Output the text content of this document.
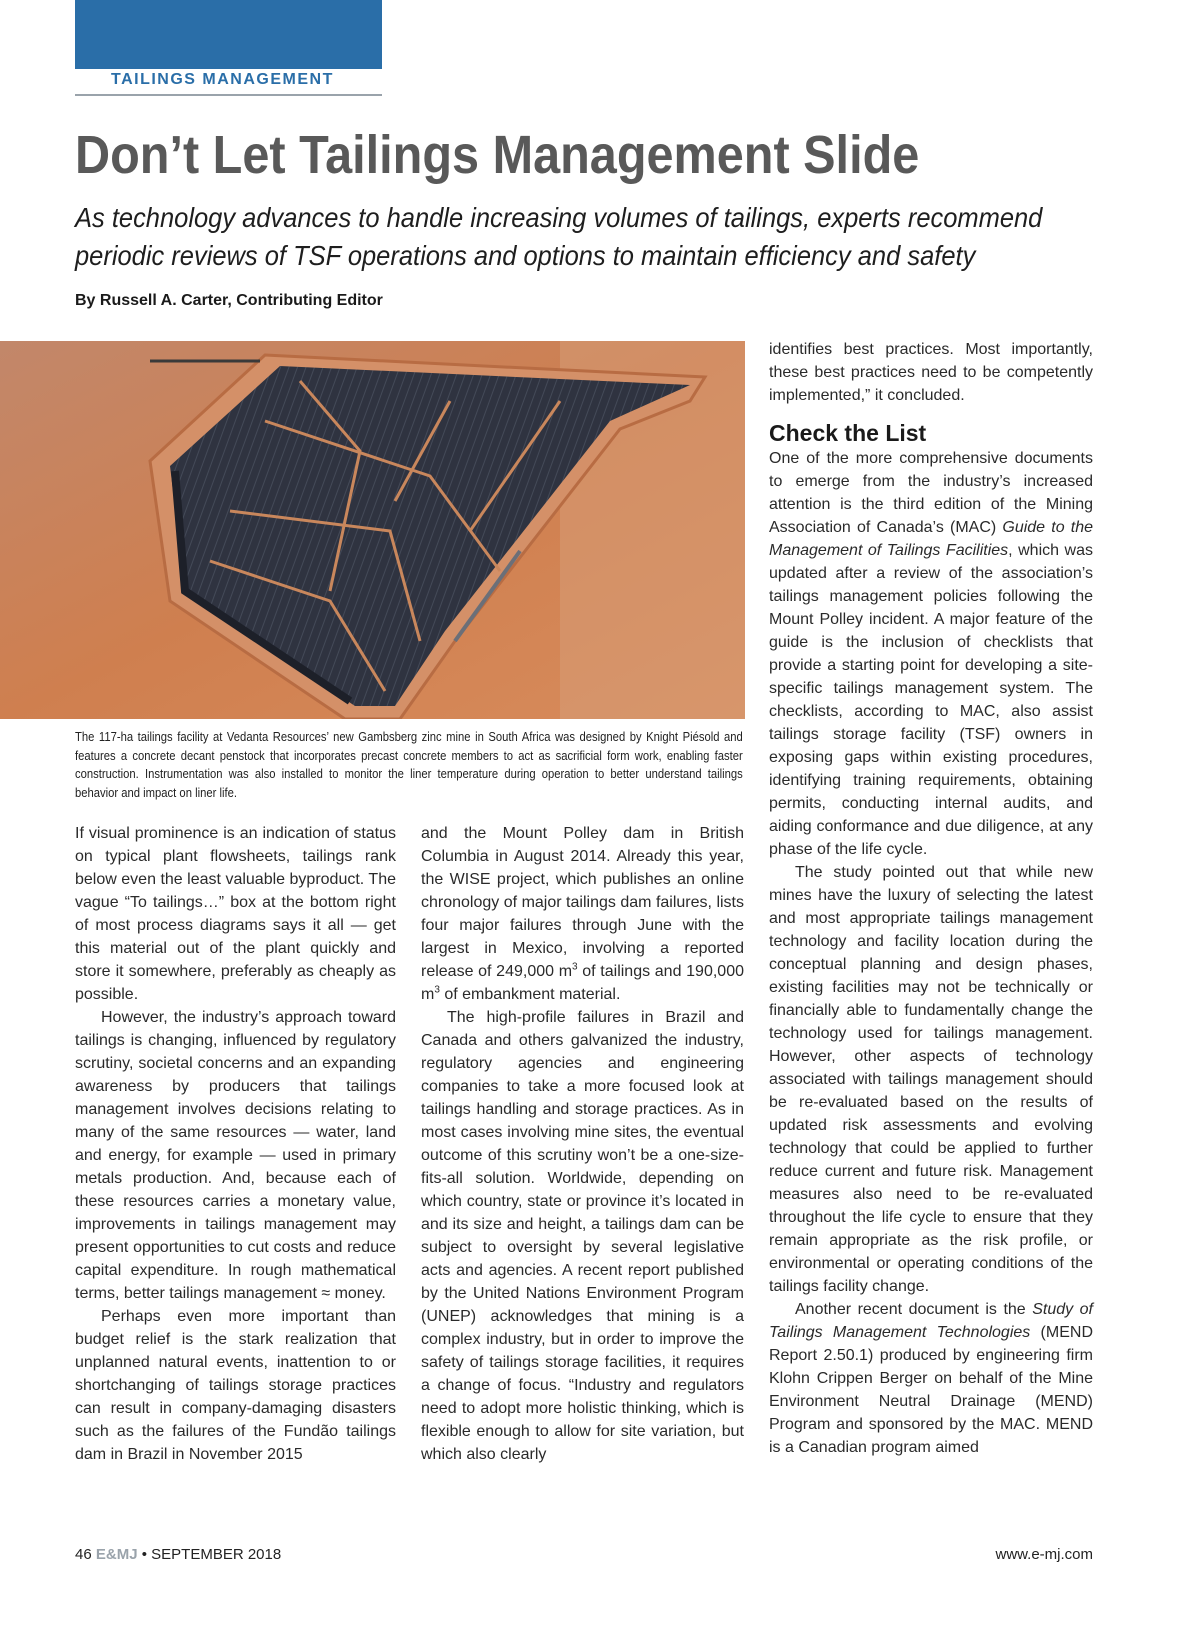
TAILINGS MANAGEMENT
Don’t Let Tailings Management Slide

As technology advances to handle increasing volumes of tailings, experts recommend periodic reviews of TSF operations and options to maintain efficiency and safety

By Russell A. Carter, Contributing Editor

The 117-ha tailings facility at Vedanta Resources’ new Gambsberg zinc mine in South Africa was designed by Knight Piésold and features a concrete decant penstock that incorporates precast concrete members to act as sacrificial form work, enabling faster construction. Instrumentation was also installed to monitor the liner temperature during operation to better understand tailings behavior and impact on liner life.

If visual prominence is an indication of status on typical plant flowsheets, tailings rank below even the least valuable byproduct. The vague “To tailings…” box at the bottom right of most process diagrams says it all — get this material out of the plant quickly and store it somewhere, preferably as cheaply as possible.

However, the industry’s approach toward tailings is changing, influenced by regulatory scrutiny, societal concerns and an expanding awareness by producers that tailings management involves decisions relating to many of the same resources — water, land and energy, for example — used in primary metals production. And, because each of these resources carries a monetary value, improvements in tailings management may present opportunities to cut costs and reduce capital expenditure. In rough mathematical terms, better tailings management ≈ money.

Perhaps even more important than budget relief is the stark realization that unplanned natural events, inattention to or shortchanging of tailings storage practices can result in company-damaging disasters such as the failures of the Fundão tailings dam in Brazil in November 2015

and the Mount Polley dam in British Columbia in August 2014. Already this year, the WISE project, which publishes an online chronology of major tailings dam failures, lists four major failures through June with the largest in Mexico, involving a reported release of 249,000 $m^3$ of tailings and 190,000 $m^3$ of embankment material.

The high-profile failures in Brazil and Canada and others galvanized the industry, regulatory agencies and engineering companies to take a more focused look at tailings handling and storage practices. As in most cases involving mine sites, the eventual outcome of this scrutiny won’t be a one-size-fits-all solution. Worldwide, depending on which country, state or province it’s located in and its size and height, a tailings dam can be subject to oversight by several legislative acts and agencies. A recent report published by the United Nations Environment Program (UNEP) acknowledges that mining is a complex industry, but in order to improve the safety of tailings storage facilities, it requires a change of focus. “Industry and regulators need to adopt more holistic thinking, which is flexible enough to allow for site variation, but which also clearly

identifies best practices. Most importantly, these best practices need to be competently implemented,” it concluded.

Check the List

One of the more comprehensive documents to emerge from the industry’s increased attention is the third edition of the Mining Association of Canada’s (MAC) Guide to the Management of Tailings Facilities, which was updated after a review of the association’s tailings management policies following the Mount Polley incident. A major feature of the guide is the inclusion of checklists that provide a starting point for developing a site-specific tailings management system. The checklists, according to MAC, also assist tailings storage facility (TSF) owners in exposing gaps within existing procedures, identifying training requirements, obtaining permits, conducting internal audits, and aiding conformance and due diligence, at any phase of the life cycle.

The study pointed out that while new mines have the luxury of selecting the latest and most appropriate tailings management technology and facility location during the conceptual planning and design phases, existing facilities may not be technically or financially able to fundamentally change the technology used for tailings management. However, other aspects of technology associated with tailings management should be re-evaluated based on the results of updated risk assessments and evolving technology that could be applied to further reduce current and future risk. Management measures also need to be re-evaluated throughout the life cycle to ensure that they remain appropriate as the risk profile, or environmental or operating conditions of the tailings facility change.

Another recent document is the Study of Tailings Management Technologies (MEND Report 2.50.1) produced by engineering firm Klohn Crippen Berger on behalf of the Mine Environment Neutral Drainage (MEND) Program and sponsored by the MAC. MEND is a Canadian program aimed

46 E&MJ • SEPTEMBER 2018	www.e-mj.com
